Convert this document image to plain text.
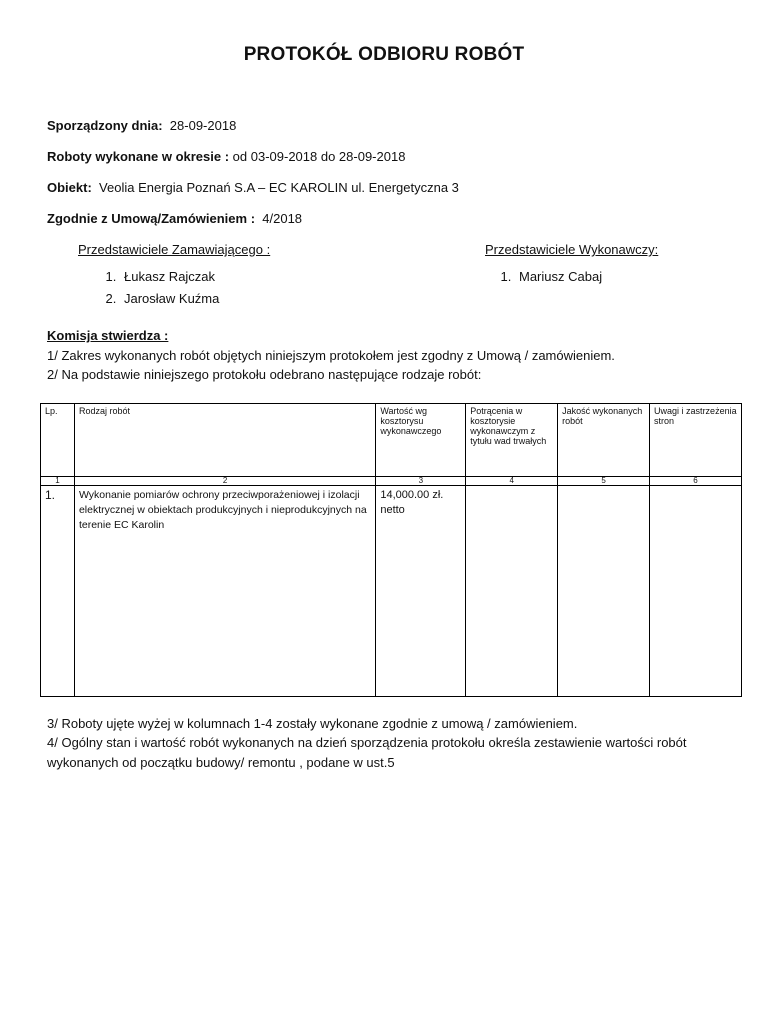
PROTOKÓŁ ODBIORU ROBÓT
Sporządzony dnia: 28-09-2018
Roboty wykonane w okresie : od 03-09-2018 do 28-09-2018
Obiekt: Veolia Energia Poznań S.A – EC KAROLIN ul. Energetyczna 3
Zgodnie z Umową/Zamówieniem : 4/2018
Przedstawiciele Zamawiającego :
1. Łukasz Rajczak
2. Jarosław Kuźma
Przedstawiciele Wykonawczy:
1. Mariusz Cabaj
Komisja stwierdza :
1/ Zakres wykonanych robót objętych niniejszym protokołem jest zgodny z Umową / zamówieniem.
2/ Na podstawie niniejszego protokołu odebrano następujące rodzaje robót:
Lp.	Rodzaj robót	Wartość wg kosztorysu wykonawczego	Potrącenia w kosztorysie wykonawczym z tytułu wad trwałych	Jakość wykonanych robót	Uwagi i zastrzeżenia stron
1	2	3	4	5	6
1.	Wykonanie pomiarów ochrony przeciwporażeniowej i izolacji elektrycznej w obiektach produkcyjnych i nieprodukcyjnych na terenie EC Karolin	14,000.00 zł. netto			
3/ Roboty ujęte wyżej w kolumnach 1-4 zostały wykonane zgodnie z umową / zamówieniem.
4/ Ogólny stan i wartość robót wykonanych na dzień sporządzenia protokołu określa zestawienie wartości robót wykonanych od początku budowy/ remontu , podane w ust.5
